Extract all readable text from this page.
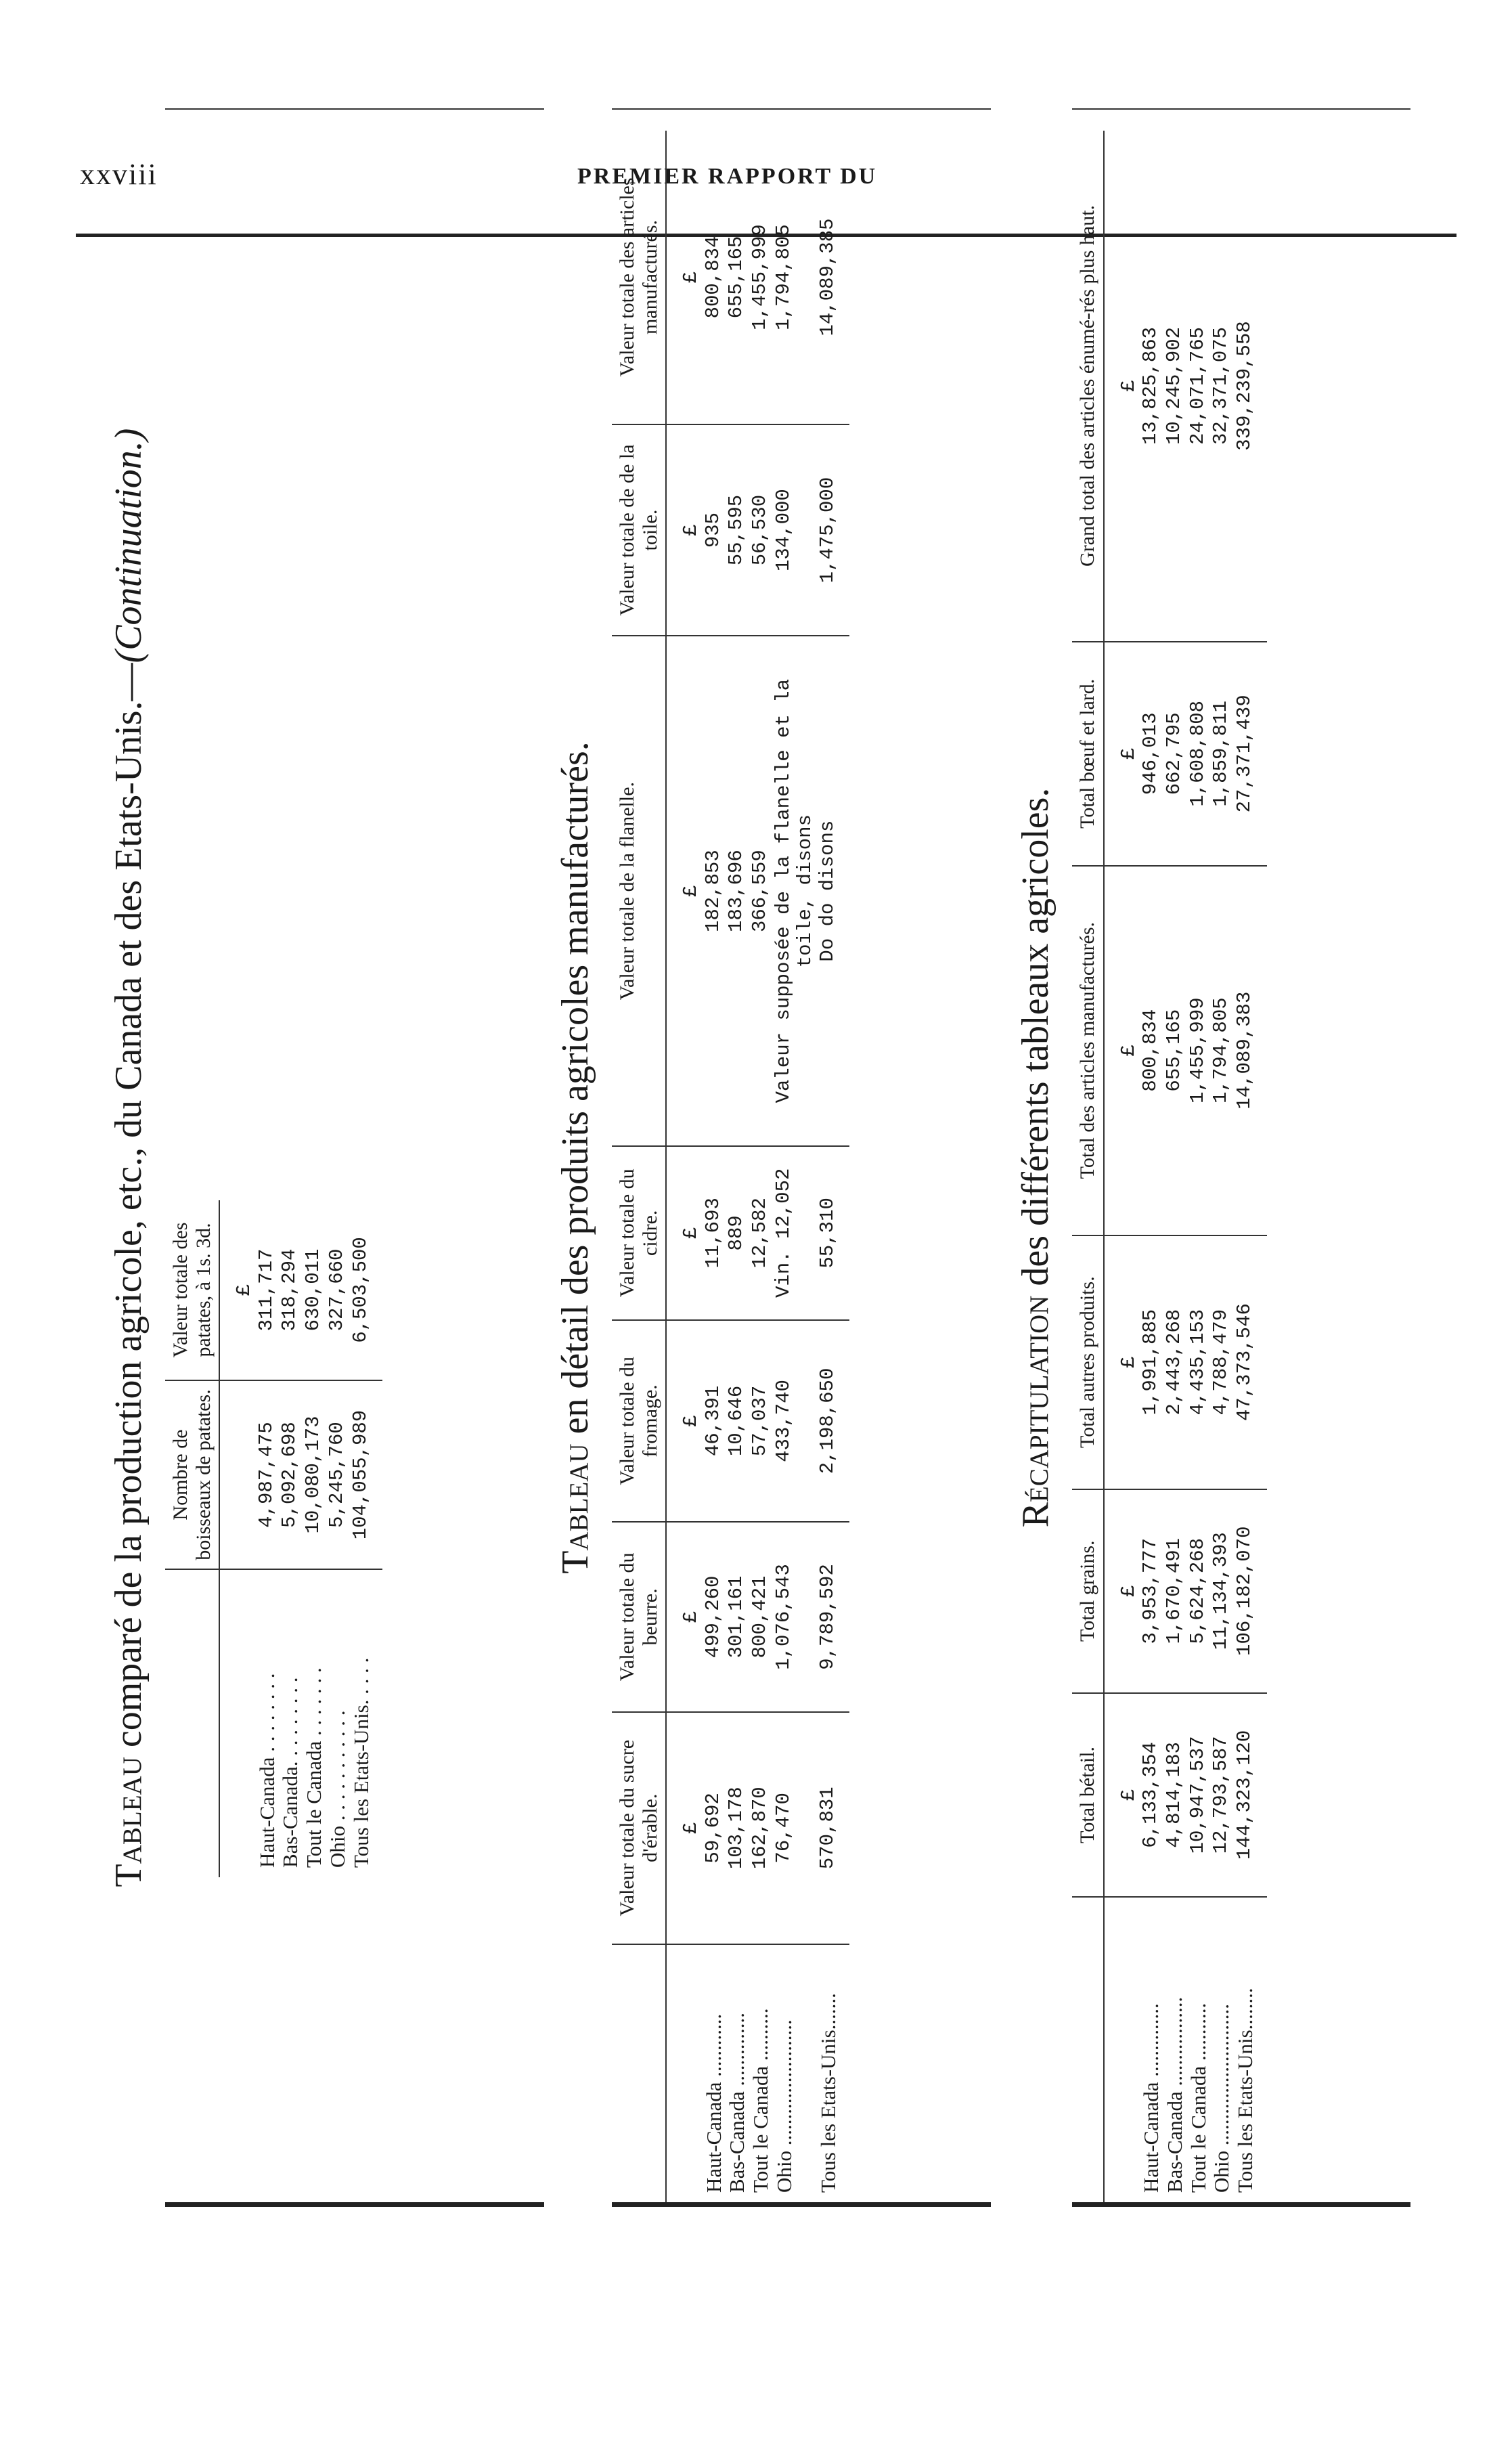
xxviii	PREMIER RAPPORT DU
Tableau comparé de la production agricole, etc., du Canada et des Etats-Unis.—(Continuation.)
	Nombre de boisseaux de patates.	Valeur totale des patates, à 1s. 3d.
		£
Haut-Canada . . . . . . . .	4,987,475	311,717
Bas-Canada. . . . . . . . .	5,092,698	318,294
Tout le Canada . . . . . . .	10,080,173	630,011
Ohio . . . . . . . . . . .	5,245,760	327,660
Tous les Etats-Unis. . . . .	104,055,989	6,503,500
Tableau en détail des produits agricoles manufacturés.
	Valeur totale du sucre d'érable.	Valeur totale du beurre.	Valeur totale du fromage.	Valeur totale du cidre.	Valeur totale de la flanelle.	Valeur totale de de la toile.	Valeur totale des articles manufacturés.
	£	£	£	£	£	£	£
Haut-Canada ............	59,692	499,260	46,391	11,693	182,853	935	800,834
Bas-Canada ..............	103,178	301,161	10,646	889	183,696	55,595	655,165
Tout le Canada ..........	162,870	800,421	57,037	12,582	366,559	56,530	1,455,999
Ohio ........................	76,470	1,076,543	433,740	Vin. 12,052	Valeur supposée de la flanelle et la toile, disons	134,000	1,794,805
Tous les Etats-Unis.......	570,831	9,789,592	2,198,650	55,310	Do do disons	1,475,000	14,089,385
Récapitulation des différents tableaux agricoles.
	Total bétail.	Total grains.	Total autres produits.	Total des articles manufacturés.	Total bœuf et lard.	Grand total des articles énumé-rés plus haut.
	£	£	£	£	£	£
Haut-Canada ..............	6,133,354	3,953,777	1,991,885	800,834	946,013	13,825,863
Bas-Canada .................	4,814,183	1,670,491	2,443,268	655,165	662,795	10,245,902
Tout le Canada ...........	10,947,537	5,624,268	4,435,153	1,455,999	1,608,808	24,071,765
Ohio ...........................	12,793,587	11,134,393	4,788,479	1,794,805	1,859,811	32,371,075
Tous les Etats-Unis........	144,323,120	106,182,070	47,373,546	14,089,383	27,371,439	339,239,558
